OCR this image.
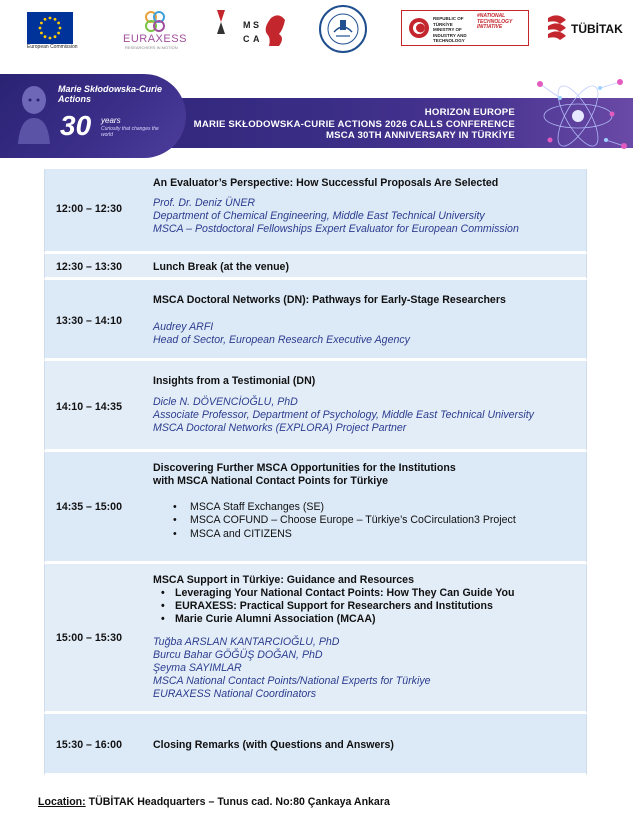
European Commission
EURAXESS
RESEARCHERS IN MOTION
M S
C A
REPUBLIC OF TÜRKİYE MINISTRY OF INDUSTRY AND TECHNOLOGY
#NATIONAL TECHNOLOGY INITIATIVE	TÜBİTAK
Marie Skłodowska-Curie Actions
30 years
Curiosity that changes the world
HORIZON EUROPE
MARIE SKŁODOWSKA-CURIE ACTIONS 2026 CALLS CONFERENCE
MSCA 30TH ANNIVERSARY IN TÜRKİYE
12:00 – 12:30
An Evaluator’s Perspective: How Successful Proposals Are Selected
Prof. Dr. Deniz ÜNER
Department of Chemical Engineering, Middle East Technical University
MSCA – Postdoctoral Fellowships Expert Evaluator for European Commission
12:30 – 13:30	Lunch Break (at the venue)
13:30 – 14:10
MSCA Doctoral Networks (DN): Pathways for Early-Stage Researchers
Audrey ARFI
Head of Sector, European Research Executive Agency
14:10 – 14:35
Insights from a Testimonial (DN)
Dicle N. DÖVENCİOĞLU, PhD
Associate Professor, Department of Psychology, Middle East Technical University
MSCA Doctoral Networks (EXPLORA) Project Partner
14:35 – 15:00
Discovering Further MSCA Opportunities for the Institutions
with MSCA National Contact Points for Türkiye
• MSCA Staff Exchanges (SE)
• MSCA COFUND – Choose Europe – Türkiye’s CoCirculation3 Project
• MSCA and CITIZENS
15:00 – 15:30
MSCA Support in Türkiye: Guidance and Resources
• Leveraging Your National Contact Points: How They Can Guide You
• EURAXESS: Practical Support for Researchers and Institutions
• Marie Curie Alumni Association (MCAA)
Tuğba ARSLAN KANTARCIOĞLU, PhD
Burcu Bahar GÖĞÜŞ DOĞAN, PhD
Şeyma SAYIMLAR
MSCA National Contact Points/National Experts for Türkiye
EURAXESS National Coordinators
15:30 – 16:00	Closing Remarks (with Questions and Answers)
Location: TÜBİTAK Headquarters – Tunus cad. No:80 Çankaya Ankara
